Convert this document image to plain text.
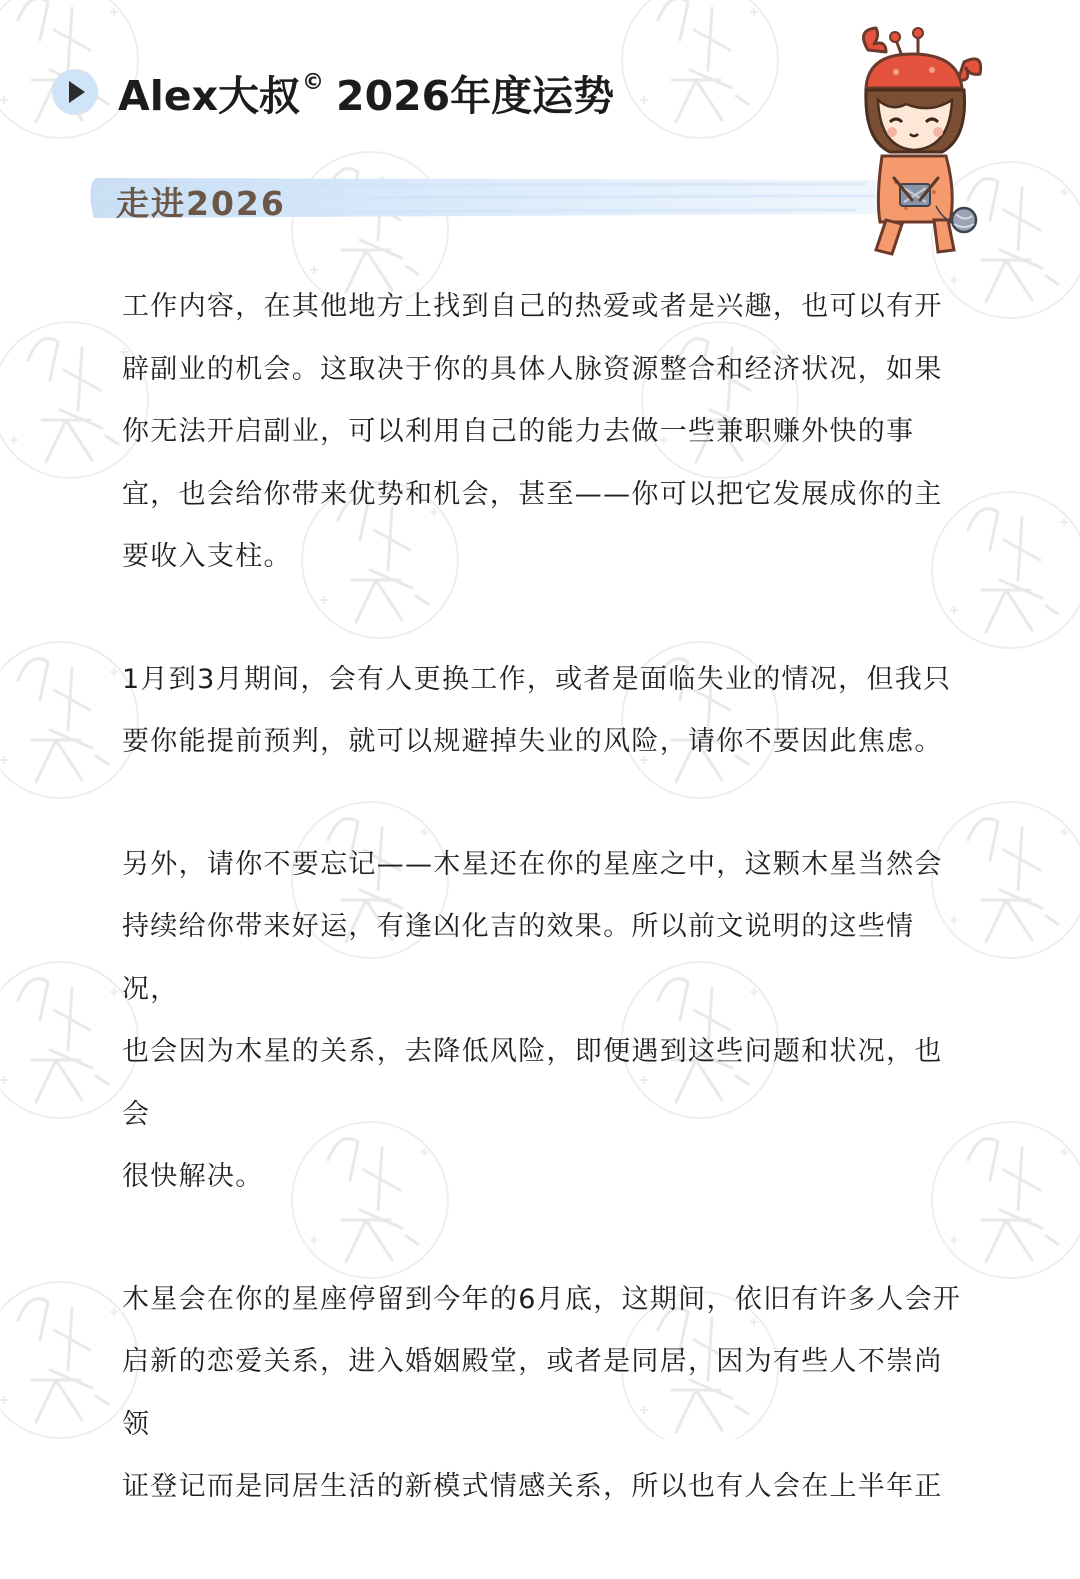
Alex大叔© 2026年度运势
走进2026

工作内容，在其他地方上找到自己的热爱或者是兴趣，也可以有开
辟副业的机会。这取决于你的具体人脉资源整合和经济状况，如果
你无法开启副业，可以利用自己的能力去做一些兼职赚外快的事
宜，也会给你带来优势和机会，甚至——你可以把它发展成你的主
要收入支柱。

1月到3月期间，会有人更换工作，或者是面临失业的情况，但我只
要你能提前预判，就可以规避掉失业的风险，请你不要因此焦虑。

另外，请你不要忘记——木星还在你的星座之中，这颗木星当然会
持续给你带来好运，有逢凶化吉的效果。所以前文说明的这些情况，
也会因为木星的关系，去降低风险，即便遇到这些问题和状况，也会
很快解决。

木星会在你的星座停留到今年的6月底，这期间，依旧有许多人会开
启新的恋爱关系，进入婚姻殿堂，或者是同居，因为有些人不崇尚领
证登记而是同居生活的新模式情感关系，所以也有人会在上半年正
